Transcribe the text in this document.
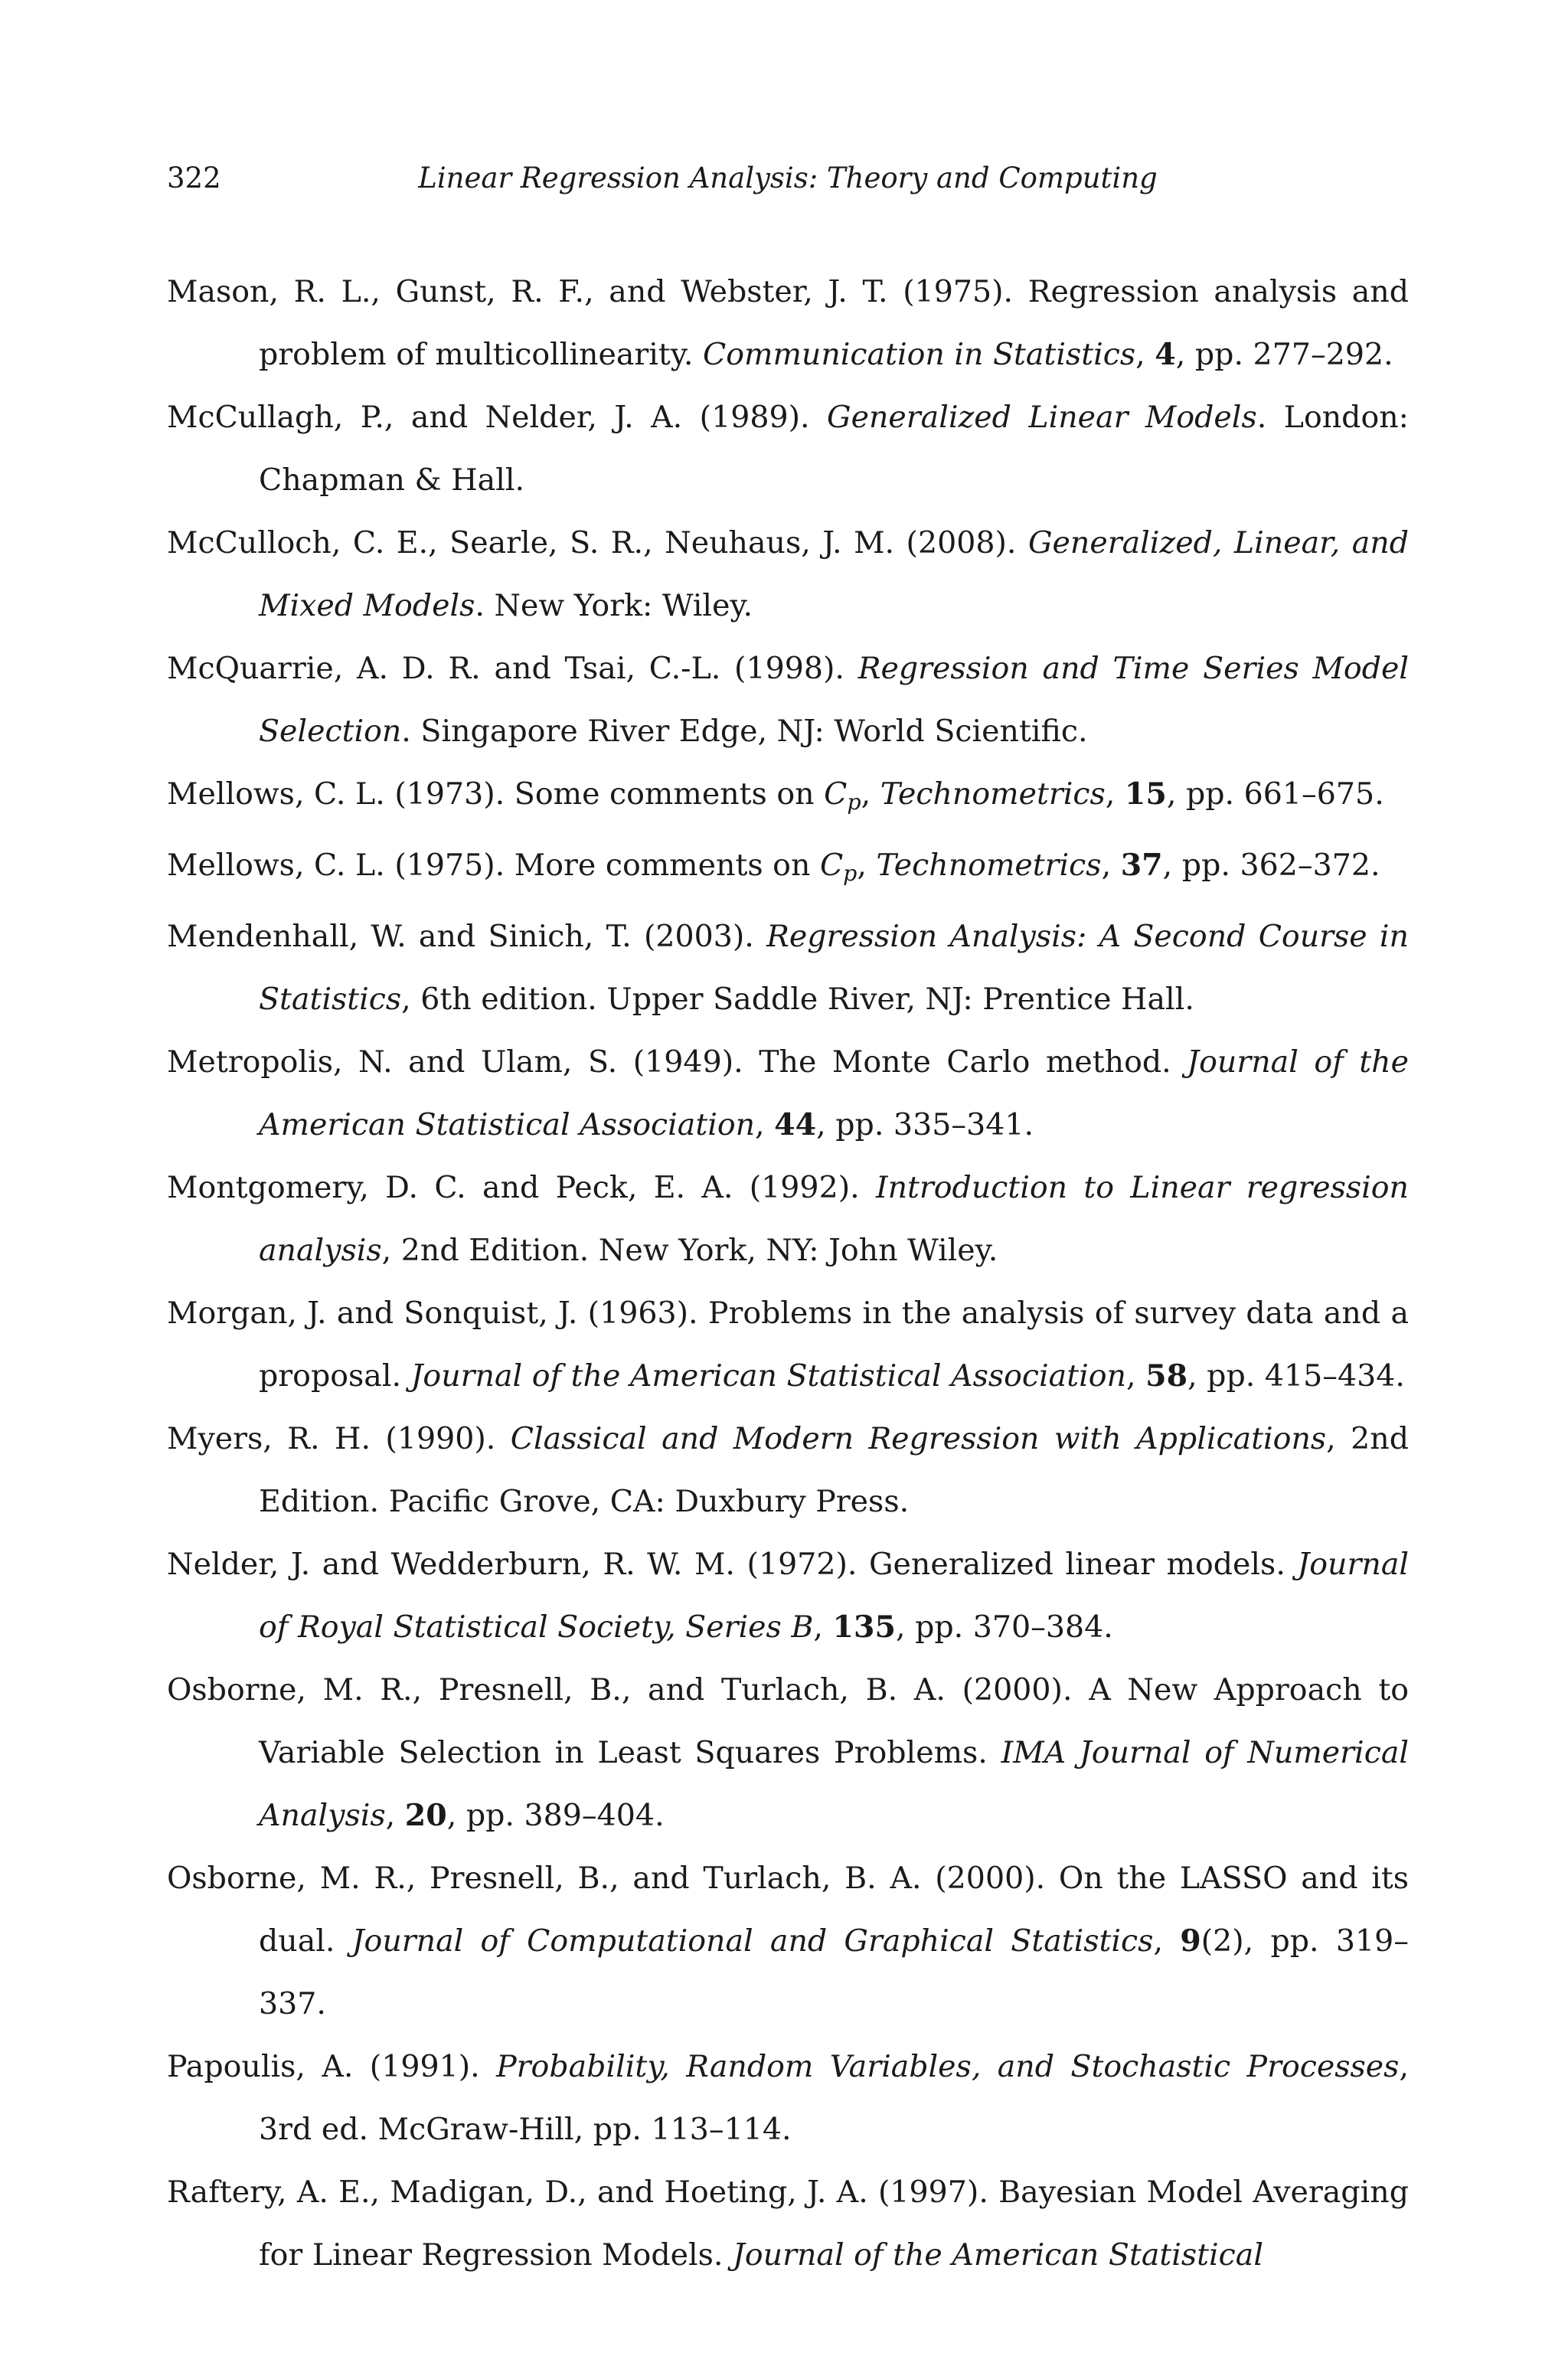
322	Linear Regression Analysis: Theory and Computing

Mason, R. L., Gunst, R. F., and Webster, J. T. (1975). Regression analysis and problem of multicollinearity. Communication in Statistics, 4, pp. 277–292.

McCullagh, P., and Nelder, J. A. (1989). Generalized Linear Models. London: Chapman & Hall.

McCulloch, C. E., Searle, S. R., Neuhaus, J. M. (2008). Generalized, Linear, and Mixed Models. New York: Wiley.

McQuarrie, A. D. R. and Tsai, C.-L. (1998). Regression and Time Series Model Selection. Singapore River Edge, NJ: World Scientific.

Mellows, C. L. (1973). Some comments on $C_p$, Technometrics, 15, pp. 661–675.

Mellows, C. L. (1975). More comments on $C_p$, Technometrics, 37, pp. 362–372.

Mendenhall, W. and Sinich, T. (2003). Regression Analysis: A Second Course in Statistics, 6th edition. Upper Saddle River, NJ: Prentice Hall.

Metropolis, N. and Ulam, S. (1949). The Monte Carlo method. Journal of the American Statistical Association, 44, pp. 335–341.

Montgomery, D. C. and Peck, E. A. (1992). Introduction to Linear regression analysis, 2nd Edition. New York, NY: John Wiley.

Morgan, J. and Sonquist, J. (1963). Problems in the analysis of survey data and a proposal. Journal of the American Statistical Association, 58, pp. 415–434.

Myers, R. H. (1990). Classical and Modern Regression with Applications, 2nd Edition. Pacific Grove, CA: Duxbury Press.

Nelder, J. and Wedderburn, R. W. M. (1972). Generalized linear models. Journal of Royal Statistical Society, Series B, 135, pp. 370–384.

Osborne, M. R., Presnell, B., and Turlach, B. A. (2000). A New Approach to Variable Selection in Least Squares Problems. IMA Journal of Numerical Analysis, 20, pp. 389–404.

Osborne, M. R., Presnell, B., and Turlach, B. A. (2000). On the LASSO and its dual. Journal of Computational and Graphical Statistics, 9(2), pp. 319–337.

Papoulis, A. (1991). Probability, Random Variables, and Stochastic Processes, 3rd ed. McGraw-Hill, pp. 113–114.

Raftery, A. E., Madigan, D., and Hoeting, J. A. (1997). Bayesian Model Averaging for Linear Regression Models. Journal of the American Statistical
